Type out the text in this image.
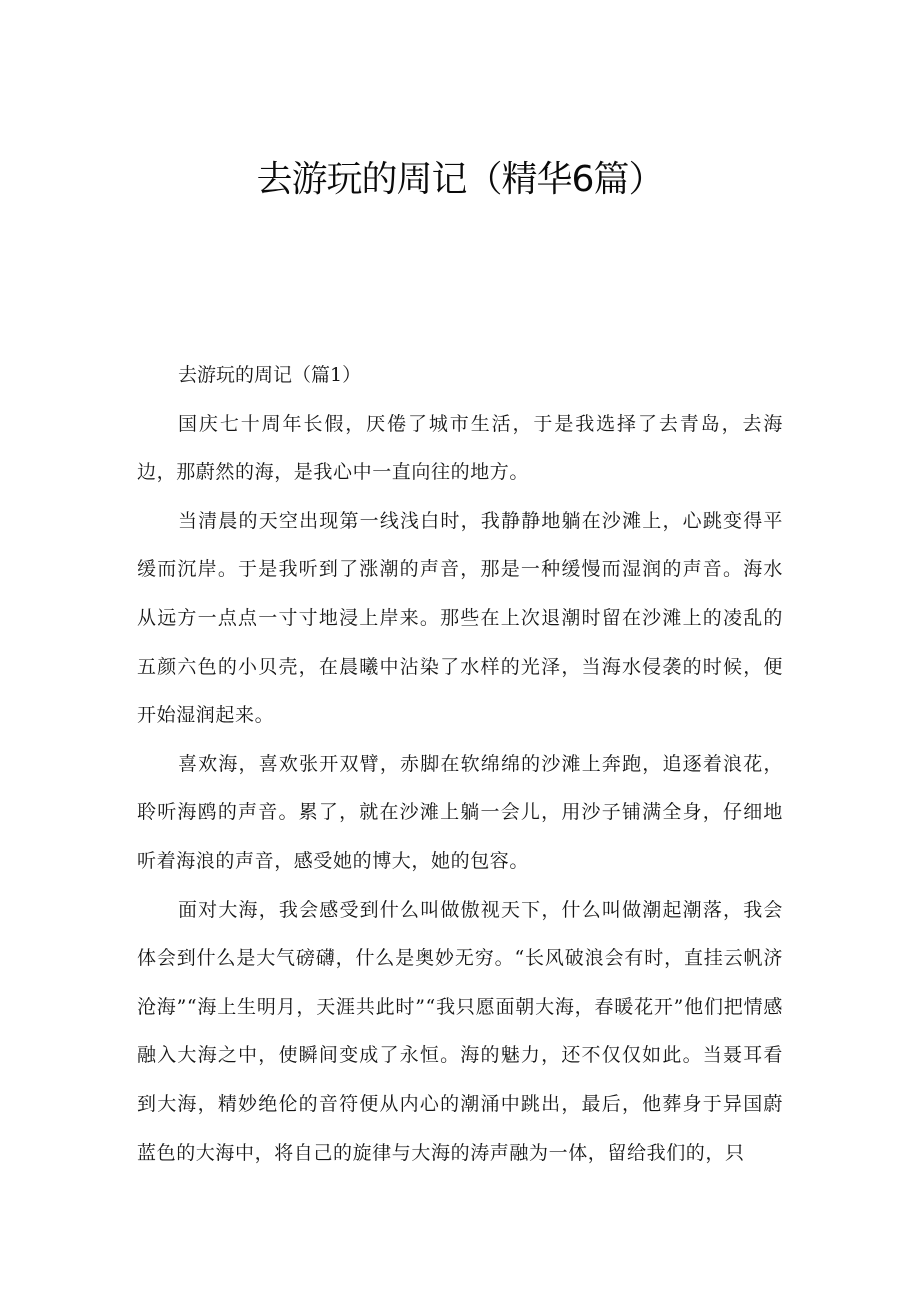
去游玩的周记（精华6篇）
去游玩的周记（篇1）

国庆七十周年长假，厌倦了城市生活，于是我选择了去青岛，去海边，那蔚然的海，是我心中一直向往的地方。

当清晨的天空出现第一线浅白时，我静静地躺在沙滩上，心跳变得平缓而沉岸。于是我听到了涨潮的声音，那是一种缓慢而湿润的声音。海水从远方一点点一寸寸地浸上岸来。那些在上次退潮时留在沙滩上的凌乱的五颜六色的小贝壳，在晨曦中沾染了水样的光泽，当海水侵袭的时候，便开始湿润起来。

喜欢海，喜欢张开双臂，赤脚在软绵绵的沙滩上奔跑，追逐着浪花，聆听海鸥的声音。累了，就在沙滩上躺一会儿，用沙子铺满全身，仔细地听着海浪的声音，感受她的博大，她的包容。

面对大海，我会感受到什么叫做傲视天下，什么叫做潮起潮落，我会体会到什么是大气磅礴，什么是奥妙无穷。“长风破浪会有时，直挂云帆济沧海”“海上生明月，天涯共此时”“我只愿面朝大海，春暖花开”他们把情感融入大海之中，使瞬间变成了永恒。海的魅力，还不仅仅如此。当聂耳看到大海，精妙绝伦的音符便从内心的潮涌中跳出，最后，他葬身于异国蔚蓝色的大海中，将自己的旋律与大海的涛声融为一体，留给我们的，只
